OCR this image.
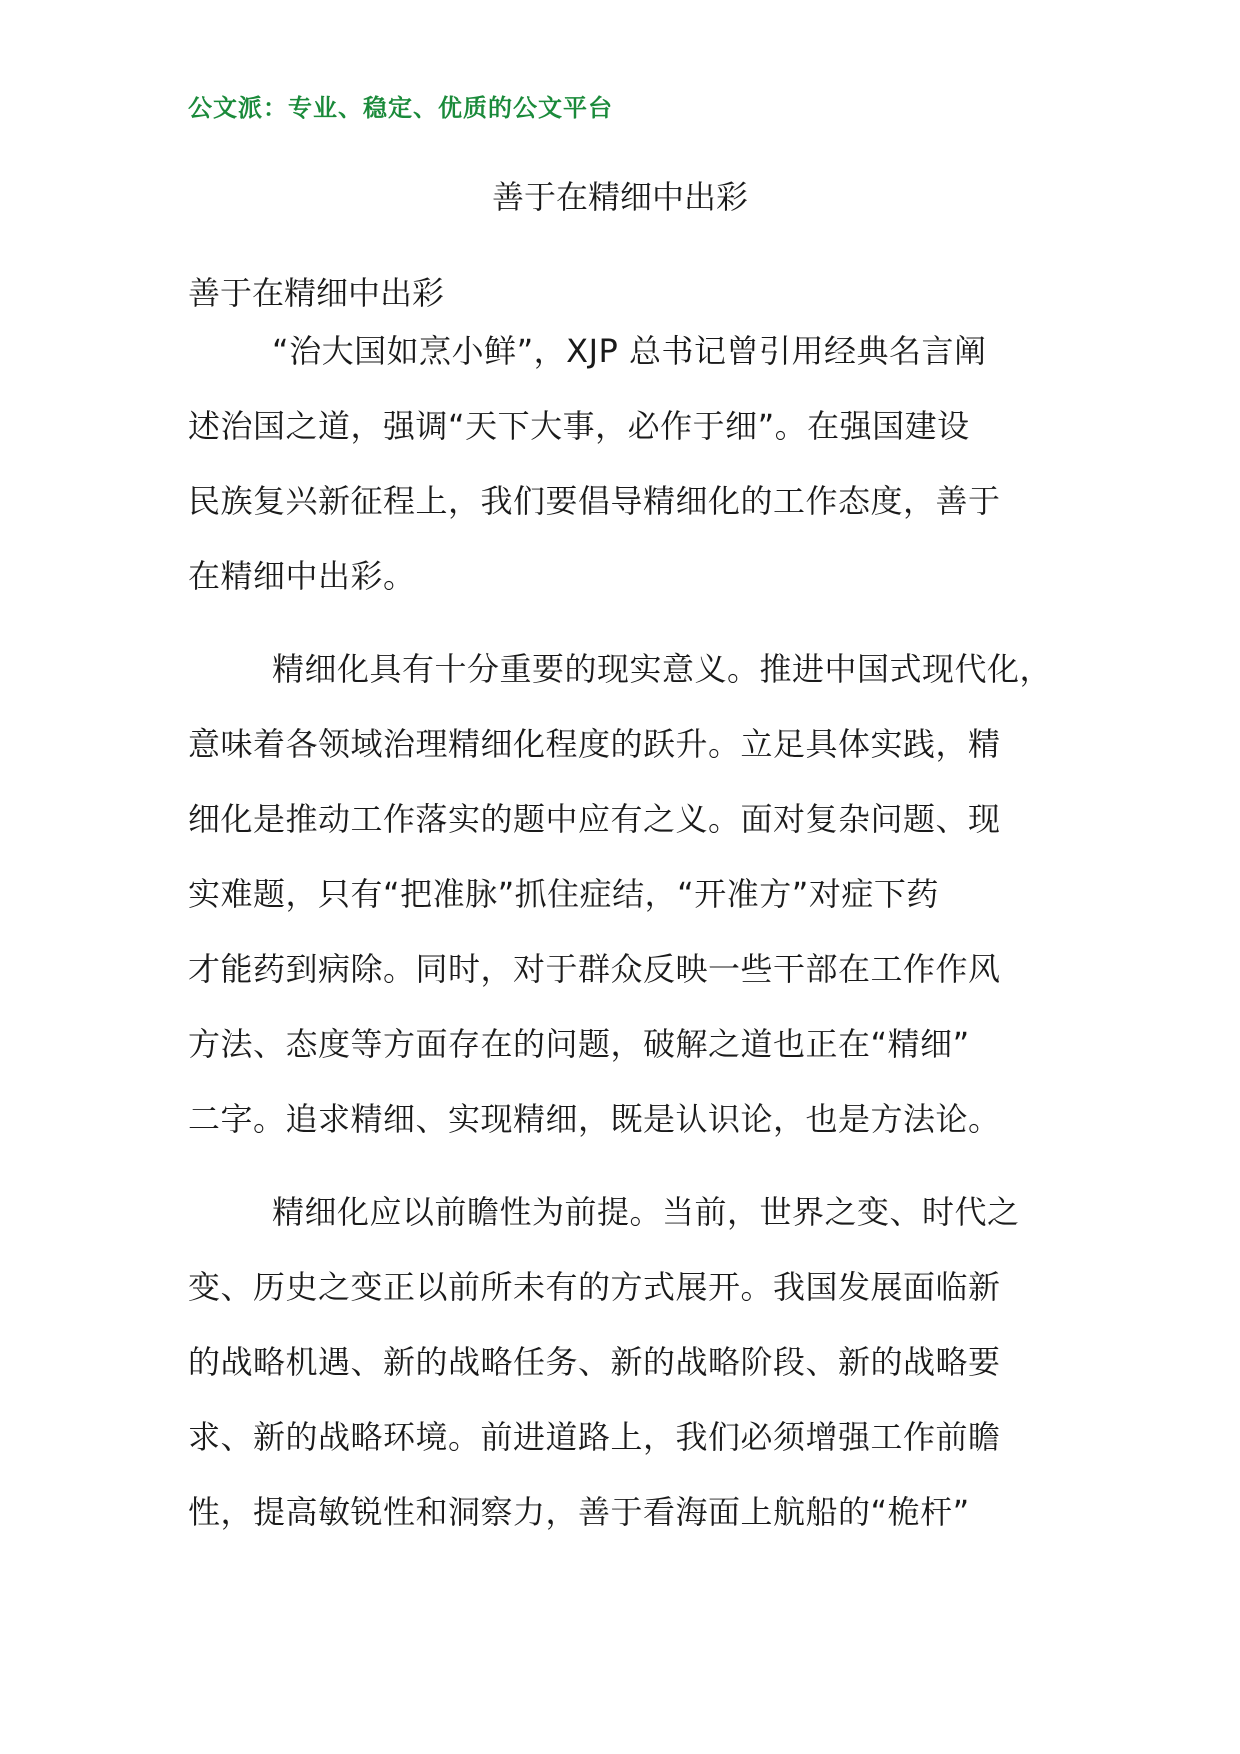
公文派：专业、稳定、优质的公文平台
善于在精细中出彩
善于在精细中出彩

“治大国如烹小鲜”，XJP 总书记曾引用经典名言阐
述治国之道，强调“天下大事，必作于细”。在强国建设
民族复兴新征程上，我们要倡导精细化的工作态度，善于
在精细中出彩。

精细化具有十分重要的现实意义。推进中国式现代化，
意味着各领域治理精细化程度的跃升。立足具体实践，精
细化是推动工作落实的题中应有之义。面对复杂问题、现
实难题，只有“把准脉”抓住症结，“开准方”对症下药
才能药到病除。同时，对于群众反映一些干部在工作作风
方法、态度等方面存在的问题，破解之道也正在“精细”
二字。追求精细、实现精细，既是认识论，也是方法论。

精细化应以前瞻性为前提。当前，世界之变、时代之
变、历史之变正以前所未有的方式展开。我国发展面临新
的战略机遇、新的战略任务、新的战略阶段、新的战略要
求、新的战略环境。前进道路上，我们必须增强工作前瞻
性，提高敏锐性和洞察力，善于看海面上航船的“桅杆”
